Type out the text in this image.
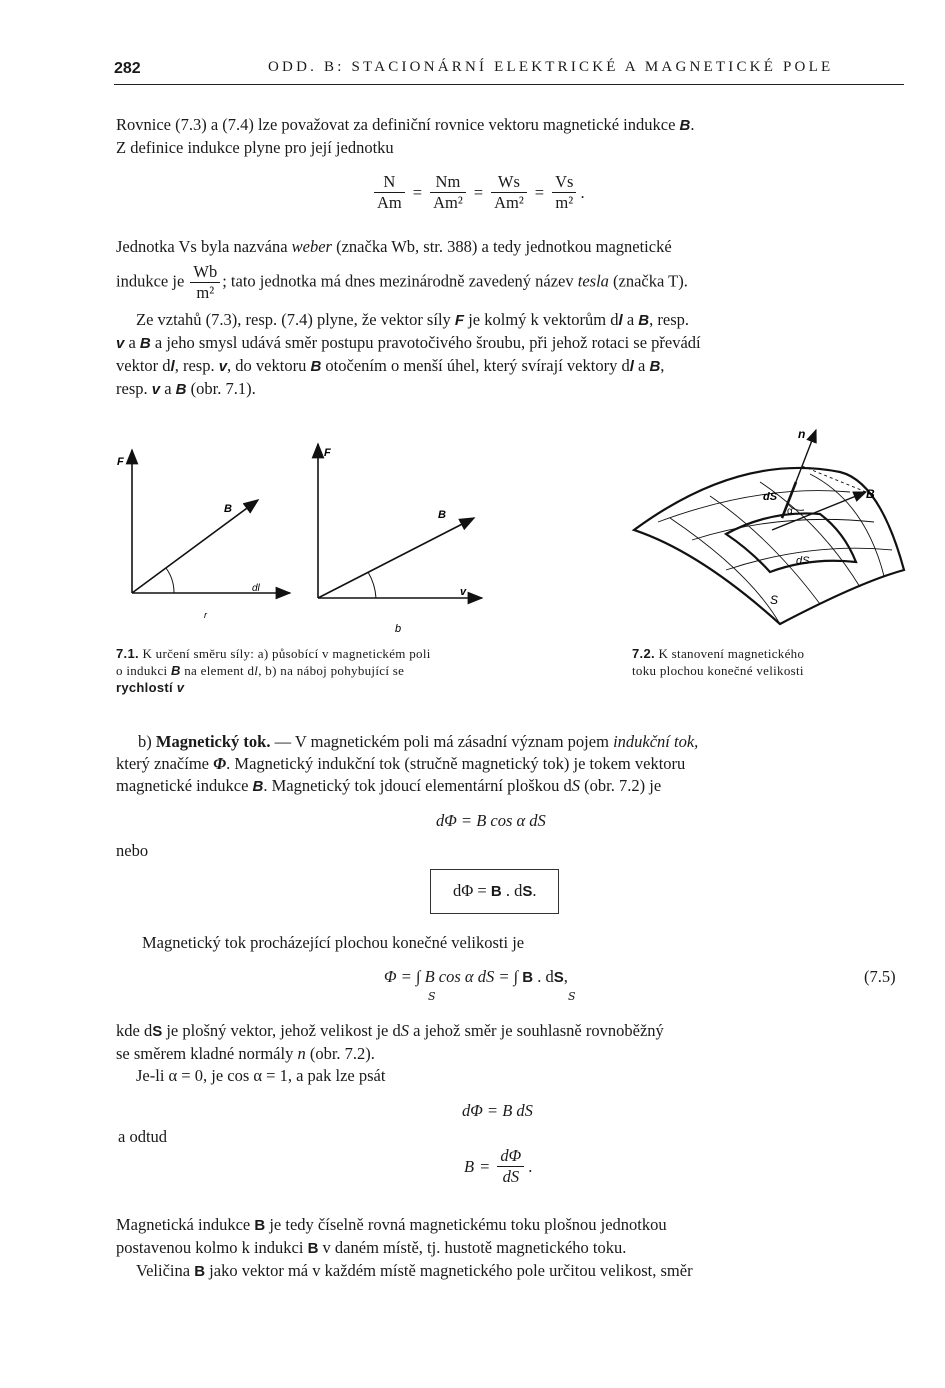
282	ODD. B: STACIONÁRNÍ ELEKTRICKÉ A MAGNETICKÉ POLE
Rovnice (7.3) a (7.4) lze považovat za definiční rovnice vektoru magnetické indukce B.
Z definice indukce plyne pro její jednotku
$\frac{N}{Am} = \frac{Nm}{\text{Am²}} = \frac{Ws}{\text{Am²}} = \frac{Vs}{\text{m²}}$ .
Jednotka Vs byla nazvána weber (značka Wb, str. 388) a tedy jednotkou magnetické
indukce je $\frac{Wb}{\text{m²}}$ ; tato jednotka má dnes mezinárodně zavedený název tesla (značka T).
Ze vztahů (7.3), resp. (7.4) plyne, že vektor síly F je kolmý k vektorům dl a B, resp.
v a B a jeho smysl udává směr postupu pravotočivého šroubu, při jehož rotaci se převádí
vektor dl, resp. v, do vektoru B otočením o menší úhel, který svírají vektory dl a B,
resp. v a B (obr. 7.1).
F
B
dl
r
F
B
v
b
n
dS
α
B
dS
S
7.1. K určení směru síly: a) působící v magnetickém poli
o indukci B na element dl, b) na náboj pohybující se
rychlostí v
7.2. K stanovení magnetického
toku plochou konečné velikosti
b) Magnetický tok. — V magnetickém poli má zásadní význam pojem indukční tok,
který značíme Φ. Magnetický indukční tok (stručně magnetický tok) je tokem vektoru
magnetické indukce B. Magnetický tok jdoucí elementární ploškou dS (obr. 7.2) je
dΦ = B cos α dS
nebo
dΦ = B . dS.
Magnetický tok procházející plochou konečné velikosti je
Φ = ∫ B cos α dS = ∫ B . dS,
S	S
(7.5)
kde dS je plošný vektor, jehož velikost je dS a jehož směr je souhlasně rovnoběžný
se směrem kladné normály n (obr. 7.2).
Je-li α = 0, je cos α = 1, a pak lze psát
dΦ = B dS
a odtud
$B = \frac{d\Phi}{dS}$ .
Magnetická indukce B je tedy číselně rovná magnetickému toku plošnou jednotkou
postavenou kolmo k indukci B v daném místě, tj. hustotě magnetického toku.
Veličina B jako vektor má v každém místě magnetického pole určitou velikost, směr
